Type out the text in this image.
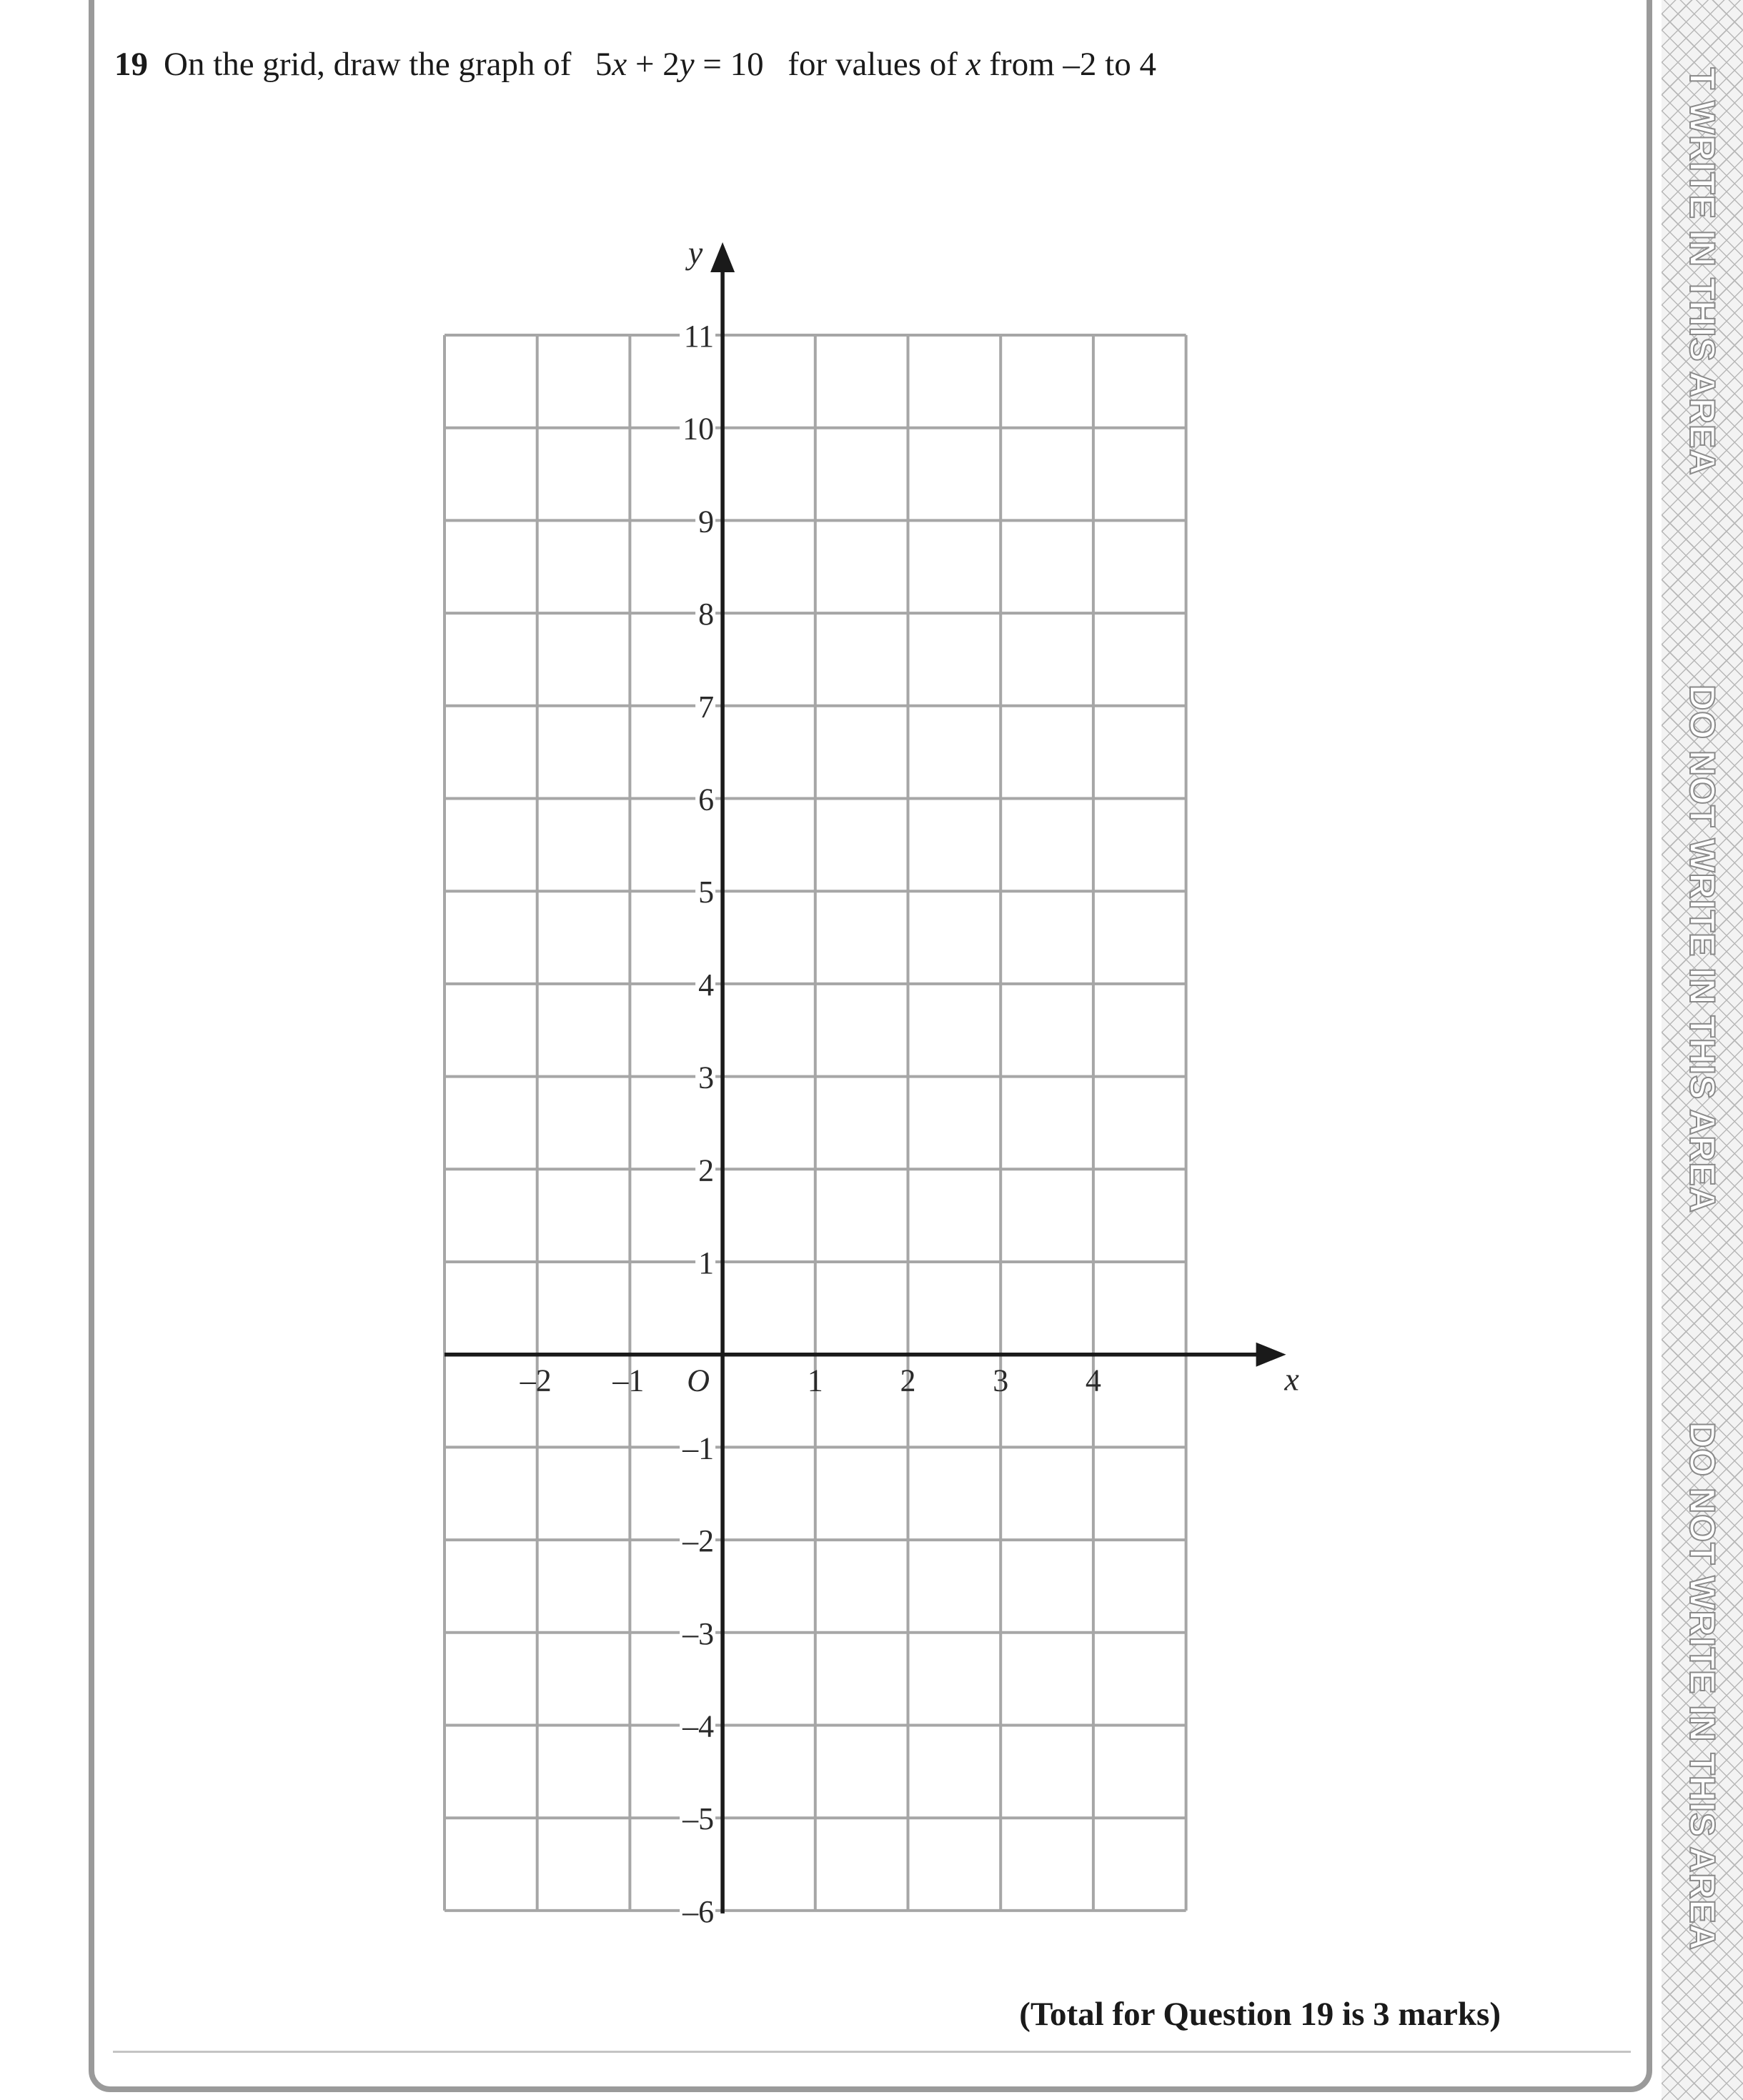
19 On the grid, draw the graph of 5x + 2y = 10 for values of x from –2 to 4
x
y
O
–2 –1	1 2 3 4
11
10
9
8
7
6
5
4
3
2
1
–1
–2
–3
–4
–5
–6
(Total for Question 19 is 3 marks)
T WRITE IN THIS AREA
DO NOT WRITE IN THIS AREA
DO NOT WRITE IN THIS AREA
